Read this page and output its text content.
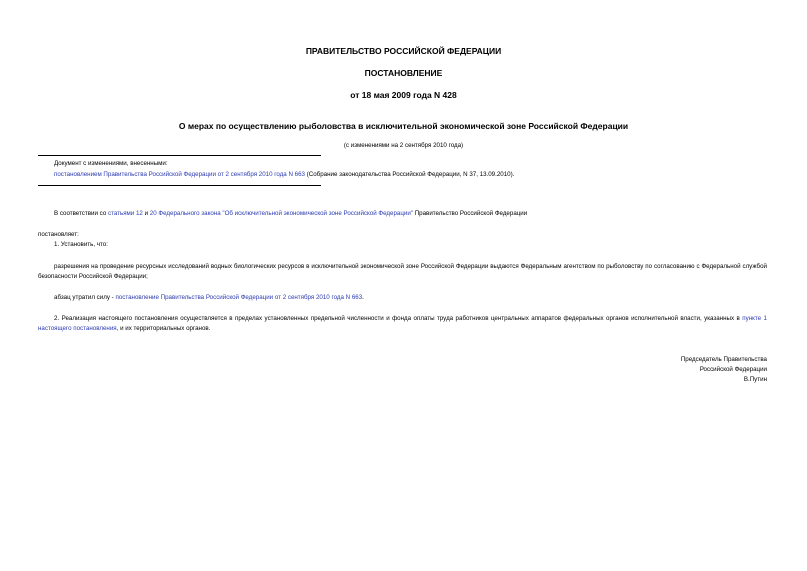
ПРАВИТЕЛЬСТВО РОССИЙСКОЙ ФЕДЕРАЦИИ
ПОСТАНОВЛЕНИЕ
от 18 мая 2009 года N 428
О мерах по осуществлению рыболовства в исключительной экономической зоне Российской Федерации
(с изменениями на 2 сентября 2010 года)
Документ с изменениями, внесенными:
постановлением Правительства Российской Федерации от 2 сентября 2010 года N 663 (Собрание законодательства Российской Федерации, N 37, 13.09.2010).
В соответствии со статьями 12 и 20 Федерального закона "Об исключительной экономической зоне Российской Федерации" Правительство Российской Федерации
постановляет:
1. Установить, что:
разрешения на проведение ресурсных исследований водных биологических ресурсов в исключительной экономической зоне Российской Федерации выдаются Федеральным агентством по рыболовству по согласованию с Федеральной службой безопасности Российской Федерации;
абзац утратил силу - постановление Правительства Российской Федерации от 2 сентября 2010 года N 663.
2. Реализация настоящего постановления осуществляется в пределах установленных предельной численности и фонда оплаты труда работников центральных аппаратов федеральных органов исполнительной власти, указанных в пункте 1 настоящего постановления, и их территориальных органов.
Председатель Правительства
Российской Федерации
В.Путин
